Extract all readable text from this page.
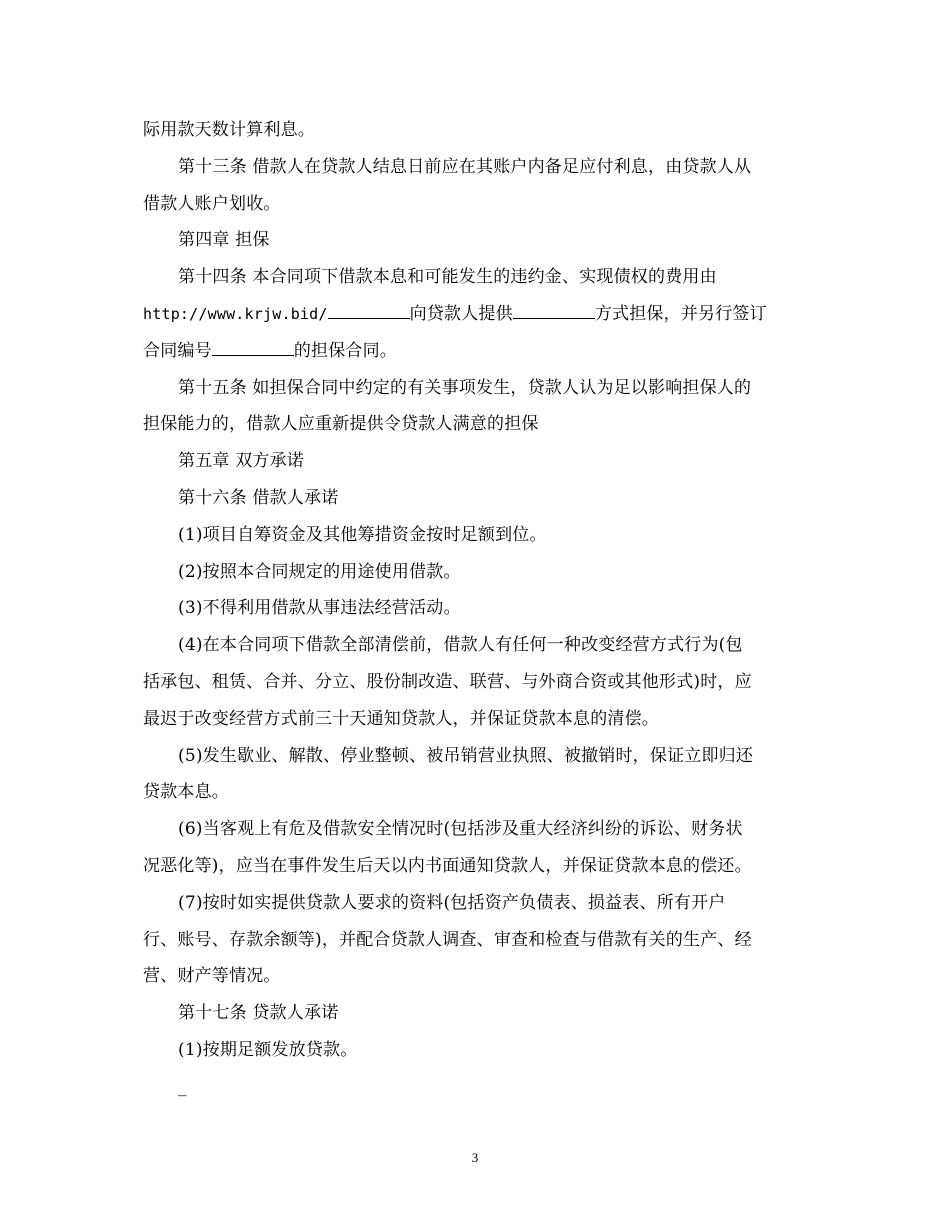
际用款天数计算利息。
第十三条 借款人在贷款人结息日前应在其账户内备足应付利息，由贷款人从
借款人账户划收。
第四章 担保
第十四条 本合同项下借款本息和可能发生的违约金、实现债权的费用由
http://www.krjw.bid/	向贷款人提供	方式担保，并另行签订
合同编号	的担保合同。
第十五条 如担保合同中约定的有关事项发生，贷款人认为足以影响担保人的
担保能力的，借款人应重新提供令贷款人满意的担保
第五章 双方承诺
第十六条 借款人承诺
(1)项目自筹资金及其他筹措资金按时足额到位。
(2)按照本合同规定的用途使用借款。
(3)不得利用借款从事违法经营活动。
(4)在本合同项下借款全部清偿前，借款人有任何一种改变经营方式行为(包
括承包、租赁、合并、分立、股份制改造、联营、与外商合资或其他形式)时，应
最迟于改变经营方式前三十天通知贷款人，并保证贷款本息的清偿。
(5)发生歇业、解散、停业整顿、被吊销营业执照、被撤销时，保证立即归还
贷款本息。
(6)当客观上有危及借款安全情况时(包括涉及重大经济纠纷的诉讼、财务状
况恶化等)，应当在事件发生后天以内书面通知贷款人，并保证贷款本息的偿还。
(7)按时如实提供贷款人要求的资料(包括资产负债表、损益表、所有开户
行、账号、存款余额等)，并配合贷款人调查、审查和检查与借款有关的生产、经
营、财产等情况。
第十七条 贷款人承诺
(1)按期足额发放贷款。
_
3
